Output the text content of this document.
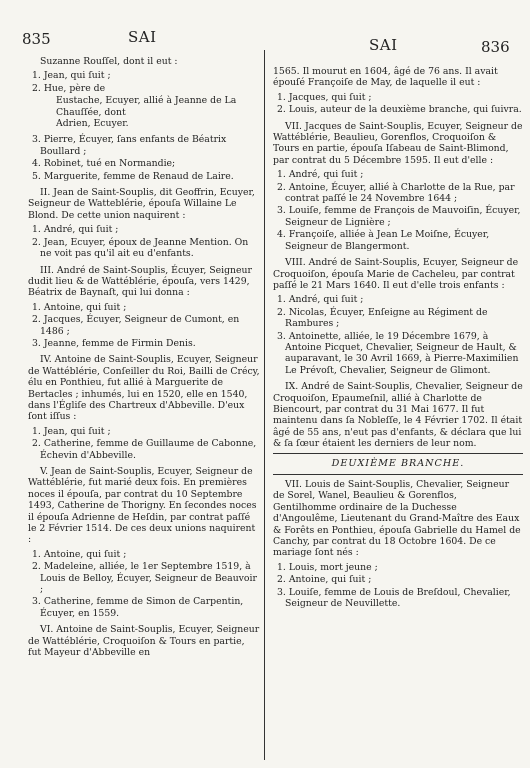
835	SAI

Suzanne Rouſſel, dont il eut :

1. Jean, qui ſuit ;

2. Hue, père de

Eustache, Ecuyer, allié à Jeanne de La

Chauſſée, dont

Adrien, Ecuyer.

3. Pierre, Écuyer, ſans enfants de Béatrix Boullard ;

4. Robinet, tué en Normandie;

5. Marguerite, femme de Renaud de Laire.

II. Jean de Saint-Souplis, dit Geoffrin, Ecuyer, Seigneur de Watteblérie, épouſa Willaine Le Blond. De cette union naquirent :

1. André, qui ſuit ;

2. Jean, Ecuyer, époux de Jeanne Mention. On ne voit pas qu'il ait eu d'enfants.

III. André de Saint-Souplis, Écuyer, Seigneur dudit lieu & de Wattéblérie, épouſa, vers 1429, Béatrix de Baynaſt, qui lui donna :

1. Antoine, qui ſuit ;

2. Jacques, Écuyer, Seigneur de Cumont, en 1486 ;

3. Jeanne, femme de Firmin Denis.

IV. Antoine de Saint-Souplis, Ecuyer, Seigneur de Wattéblérie, Conſeiller du Roi, Bailli de Crécy, élu en Ponthieu, fut allié à Marguerite de Bertacles ; inhumés, lui en 1520, elle en 1540, dans l'Égliſe des Chartreux d'Abbeville. D'eux ſont iſſus :

1. Jean, qui ſuit ;

2. Catherine, femme de Guillaume de Cabonne, Échevin d'Abbeville.

V. Jean de Saint-Souplis, Ecuyer, Seigneur de Wattéblérie, fut marié deux fois. En premières noces il épouſa, par contrat du 10 Septembre 1493, Catherine de Thorigny. En ſecondes noces il épouſa Adrienne de Heſdin, par contrat paſſé le 2 Février 1514. De ces deux unions naquirent :

1. Antoine, qui ſuit ;

2. Madeleine, alliée, le 1er Septembre 1519, à Louis de Belloy, Écuyer, Seigneur de Beauvoir ;

3. Catherine, femme de Simon de Carpentin, Écuyer, en 1559.

VI. Antoine de Saint-Souplis, Ecuyer, Seigneur de Wattéblérie, Croquoiſon & Tours en partie, fut Mayeur d'Abbeville en

SAI	836

1565. Il mourut en 1604, âgé de 76 ans. Il avait épouſé Françoiſe de May, de laquelle il eut :

1. Jacques, qui ſuit ;

2. Louis, auteur de la deuxième branche, qui ſuivra.

VII. Jacques de Saint-Souplis, Ecuyer, Seigneur de Wattéblérie, Beaulieu, Gorenflos, Croquoiſon & Tours en partie, épouſa Iſabeau de Saint-Blimond, par contrat du 5 Décembre 1595. Il eut d'elle :

1. André, qui ſuit ;

2. Antoine, Écuyer, allié à Charlotte de la Rue, par contrat paſſé le 24 Novembre 1644 ;

3. Louiſe, femme de François de Mauvoiſin, Écuyer, Seigneur de Lignière ;

4. Françoiſe, alliée à Jean Le Moiſne, Écuyer, Seigneur de Blangermont.

VIII. André de Saint-Souplis, Ecuyer, Seigneur de Croquoiſon, épouſa Marie de Cacheleu, par contrat paſſé le 21 Mars 1640. Il eut d'elle trois enfants :

1. André, qui ſuit ;

2. Nicolas, Écuyer, Enſeigne au Régiment de Rambures ;

3. Antoinette, alliée, le 19 Décembre 1679, à Antoine Picquet, Chevalier, Seigneur de Hault, & auparavant, le 30 Avril 1669, à Pierre-Maximilien Le Prévoſt, Chevalier, Seigneur de Glimont.

IX. André de Saint-Souplis, Chevalier, Seigneur de Croquoiſon, Epaumeſnil, allié à Charlotte de Biencourt, par contrat du 31 Mai 1677. Il fut maintenu dans ſa Nobleſſe, le 4 Février 1702. Il était âgé de 55 ans, n'eut pas d'enfants, & déclara que lui & ſa ſœur étaient les derniers de leur nom.

DEUXIÈME BRANCHE.

VII. Louis de Saint-Souplis, Chevalier, Seigneur de Sorel, Wanel, Beaulieu & Gorenflos, Gentilhomme ordinaire de la Duchesse d'Angoulême, Lieutenant du Grand-Maître des Eaux & Forêts en Ponthieu, épouſa Gabrielle du Hamel de Canchy, par contrat du 18 Octobre 1604. De ce mariage ſont nés :

1. Louis, mort jeune ;

2. Antoine, qui ſuit ;

3. Louiſe, femme de Louis de Breſdoul, Chevalier, Seigneur de Neuvillette.
